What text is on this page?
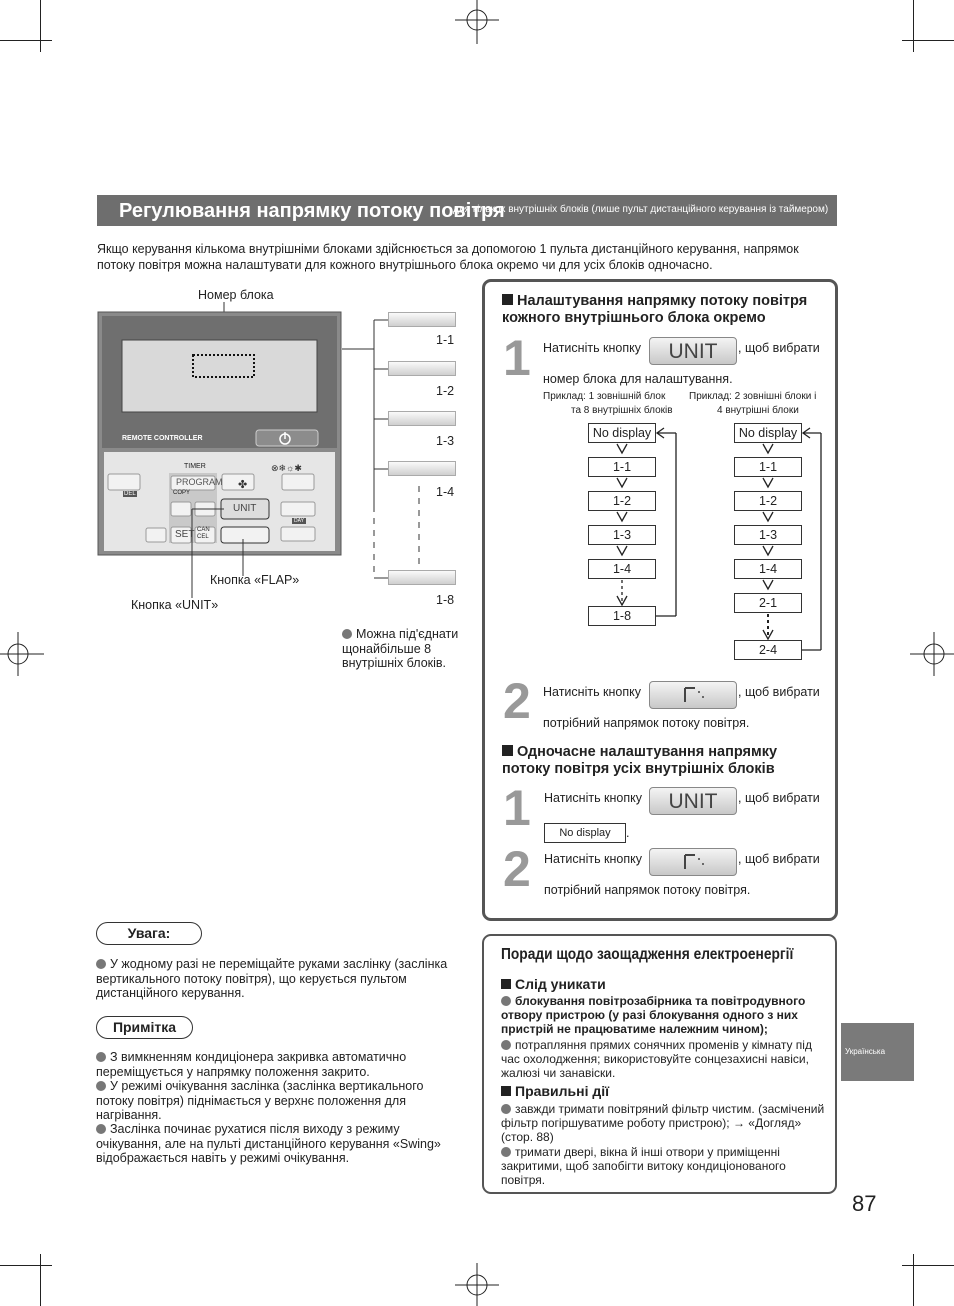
Регулювання напрямку потоку повітря
для кількох внутрішніх блоків (лише пульт дистанційного керування із таймером)
Якщо керування кількома внутрішніми блоками здійснюється за допомогою 1 пульта дистанційного керування, напрямок потоку повітря можна налаштувати для кожного внутрішнього блока окремо чи для усіх блоків одночасно.
Номер блока
REMOTE CONTROLLER
TIMER
PROGRAM
COPY
UNIT
SET CAN CEL
DAY
DEL
✤
⊗❄☼✱
1-1
1-2
1-3
1-4
1-8
Кнопка «FLAP»
Кнопка «UNIT»
Можна під'єднати щонайбільше 8 внутрішніх блоків.
Налаштування напрямку потоку повітря кожного внутрішнього блока окремо
1 Натисніть кнопку	UNIT	, щоб вибрати
номер блока для налаштування.
Приклад: 1 зовнішній блок
та 8 внутрішніх блоків
Приклад: 2 зовнішні блоки і
4 внутрішні блоки
No display
1-1
1-2
1-3
1-4
1-8
No display
1-1
1-2
1-3
1-4
2-1
2-4
2 Натисніть кнопку	, щоб вибрати
потрібний напрямок потоку повітря.
Одночасне налаштування напрямку потоку повітря усіх внутрішніх блоків
1 Натисніть кнопку	UNIT	, щоб вибрати
No display	.
2 Натисніть кнопку	, щоб вибрати
потрібний напрямок потоку повітря.
Увага:
У жодному разі не переміщайте руками заслінку (заслінка вертикального потоку повітря), що керується пультом дистанційного керування.
Примітка
З вимкненням кондиціонера закривка автоматично переміщується у напрямку положення закрито.
У режимі очікування заслінка (заслінка вертикального потоку повітря) піднімається у верхнє положення для нагрівання.
Заслінка починає рухатися після виходу з режиму очікування, але на пульті дистанційного керування «Swing» відображається навіть у режимі очікування.
Поради щодо заощадження електроенергії
Слід уникати
блокування повітрозабірника та повітродувного отвору пристрою (у разі блокування одного з них пристрій не працюватиме належним чином);
потрапляння прямих сонячних променів у кімнату під час охолодження; використовуйте сонцезахисні навіси, жалюзі чи занавіски.
Правильні дії
завжди тримати повітряний фільтр чистим. (засмічений фільтр погіршуватиме роботу пристрою); → «Догляд» (стор. 88)
тримати двері, вікна й інші отвори у приміщенні закритими, щоб запобігти витоку кондиціонованого повітря.
Українська
87
